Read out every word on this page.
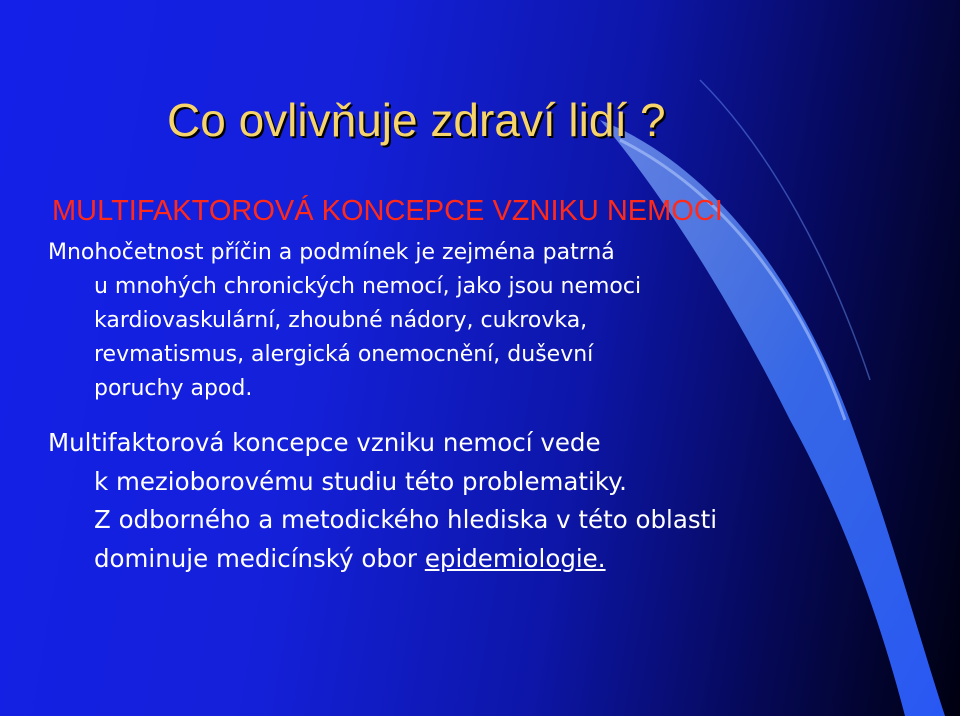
Co ovlivňuje zdraví lidí ?
MULTIFAKTOROVÁ KONCEPCE VZNIKU NEMOCI

Mnohočetnost příčin a podmínek je zejména patrná
u mnohých chronických nemocí, jako jsou nemoci
kardiovaskulární, zhoubné nádory, cukrovka,
revmatismus, alergická onemocnění, duševní
poruchy apod.

Multifaktorová koncepce vzniku nemocí vede
k mezioborovému studiu této problematiky.
Z odborného a metodického hlediska v této oblasti
dominuje medicínský obor epidemiologie.
